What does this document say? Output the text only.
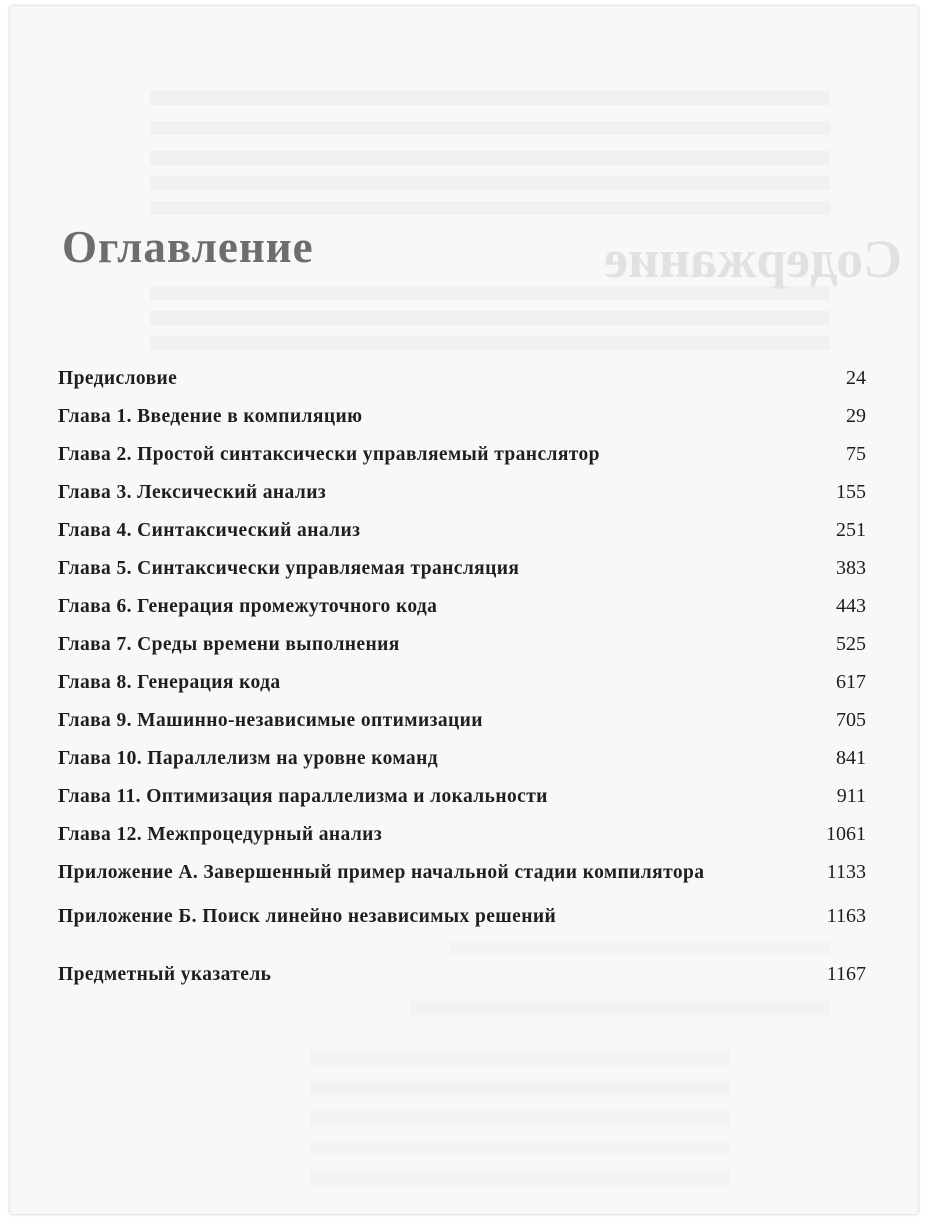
Содержание
Оглавление
Предисловие	24
Глава 1. Введение в компиляцию	29
Глава 2. Простой синтаксически управляемый транслятор	75
Глава 3. Лексический анализ	155
Глава 4. Синтаксический анализ	251
Глава 5. Синтаксически управляемая трансляция	383
Глава 6. Генерация промежуточного кода	443
Глава 7. Среды времени выполнения	525
Глава 8. Генерация кода	617
Глава 9. Машинно-независимые оптимизации	705
Глава 10. Параллелизм на уровне команд	841
Глава 11. Оптимизация параллелизма и локальности	911
Глава 12. Межпроцедурный анализ	1061
Приложение А. Завершенный пример начальной стадии компилятора	1133
Приложение Б. Поиск линейно независимых решений	1163
Предметный указатель	1167
